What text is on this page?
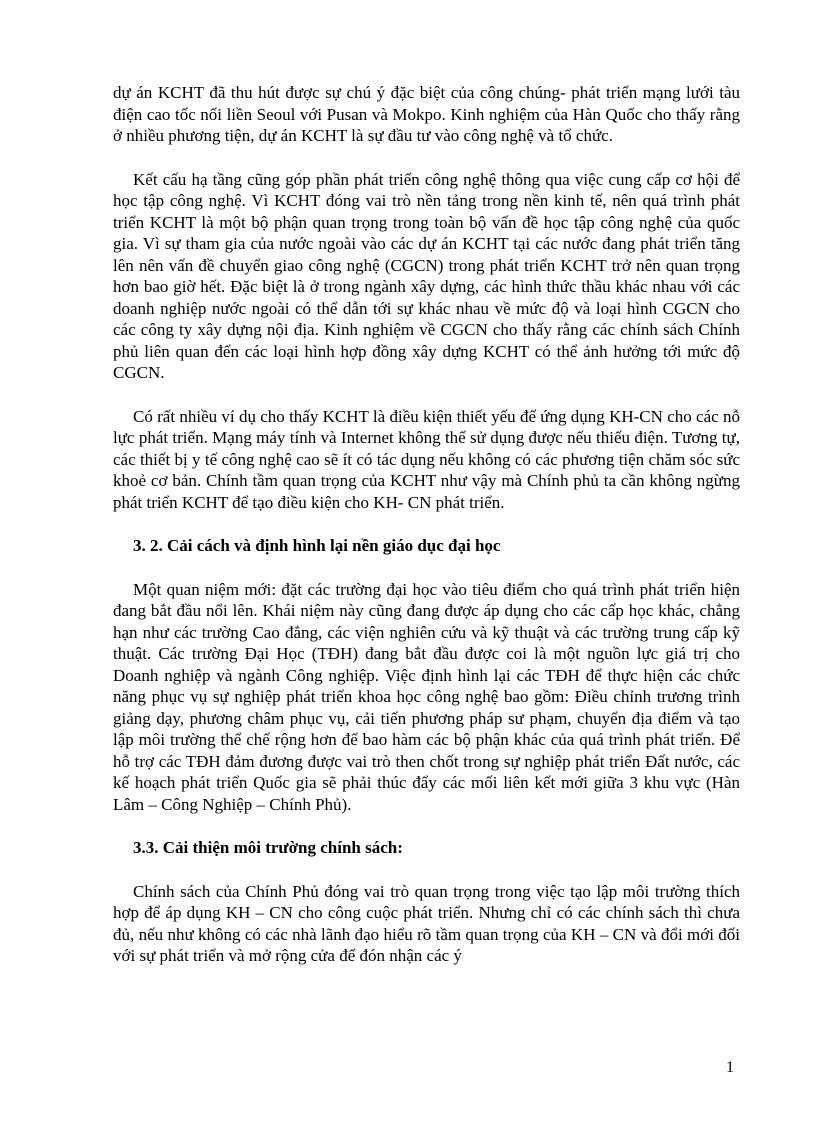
dự án KCHT đã thu hút được sự chú ý đặc biệt của công chúng- phát triển mạng lưới tàu điện cao tốc nối liền Seoul với Pusan và Mokpo. Kinh nghiệm của Hàn Quốc cho thấy rằng ở nhiều phương tiện, dự án KCHT là sự đầu tư vào công nghệ và tổ chức.

Kết cấu hạ tầng cũng góp phần phát triển công nghệ thông qua việc cung cấp cơ hội để học tập công nghệ. Vì KCHT đóng vai trò nền tảng trong nền kinh tế, nên quá trình phát triển KCHT là một bộ phận quan trọng trong toàn bộ vấn đề học tập công nghệ của quốc gia. Vì sự tham gia của nước ngoài vào các dự án KCHT tại các nước đang phát triển tăng lên nên vấn đề chuyển giao công nghệ (CGCN) trong phát triển KCHT trở nên quan trọng hơn bao giờ hết. Đặc biệt là ở trong ngành xây dựng, các hình thức thầu khác nhau với các doanh nghiệp nước ngoài có thể dẫn tới sự khác nhau về mức độ và loại hình CGCN cho các công ty xây dựng nội địa. Kinh nghiệm về CGCN cho thấy rằng các chính sách Chính phủ liên quan đến các loại hình hợp đồng xây dựng KCHT có thể ảnh hưởng tới mức độ CGCN.

Có rất nhiều ví dụ cho thấy KCHT là điều kiện thiết yếu để ứng dụng KH-CN cho các nỗ lực phát triển. Mạng máy tính và Internet không thể sử dụng được nếu thiếu điện. Tương tự, các thiết bị y tế công nghệ cao sẽ ít có tác dụng nếu không có các phương tiện chăm sóc sức khoẻ cơ bản. Chính tầm quan trọng của KCHT như vậy mà Chính phủ ta cần không ngừng phát triển KCHT để tạo điều kiện cho KH- CN phát triển.

3. 2. Cải cách và định hình lại nền giáo dục đại học

Một quan niệm mới: đặt các trường đại học vào tiêu điểm cho quá trình phát triển hiện đang bắt đầu nổi lên. Khái niệm này cũng đang được áp dụng cho các cấp học khác, chẳng hạn như các trường Cao đẳng, các viện nghiên cứu và kỹ thuật và các trường trung cấp kỹ thuật. Các trường Đại Học (TĐH) đang bắt đầu được coi là một nguồn lực giá trị cho Doanh nghiệp và ngành Công nghiệp. Việc định hình lại các TĐH để thực hiện các chức năng phục vụ sự nghiệp phát triển khoa học công nghệ bao gồm: Điều chỉnh trương trình giảng dạy, phương châm phục vụ, cải tiến phương pháp sư phạm, chuyển địa điểm và tạo lập môi trường thể chế rộng hơn để bao hàm các bộ phận khác của quá trình phát triển. Để hỗ trợ các TĐH đảm đương được vai trò then chốt trong sự nghiệp phát triển Đất nước, các kế hoạch phát triển Quốc gia sẽ phải thúc đẩy các mối liên kết mới giữa 3 khu vực (Hàn Lâm – Công Nghiệp – Chính Phủ).

3.3. Cải thiện môi trường chính sách:

Chính sách của Chính Phủ đóng vai trò quan trọng trong việc tạo lập môi trường thích hợp để áp dụng KH – CN cho công cuộc phát triển. Nhưng chỉ có các chính sách thì chưa đủ, nếu như không có các nhà lãnh đạo hiểu rõ tầm quan trọng của KH – CN và đổi mới đối với sự phát triển và mở rộng cửa để đón nhận các ý

1
